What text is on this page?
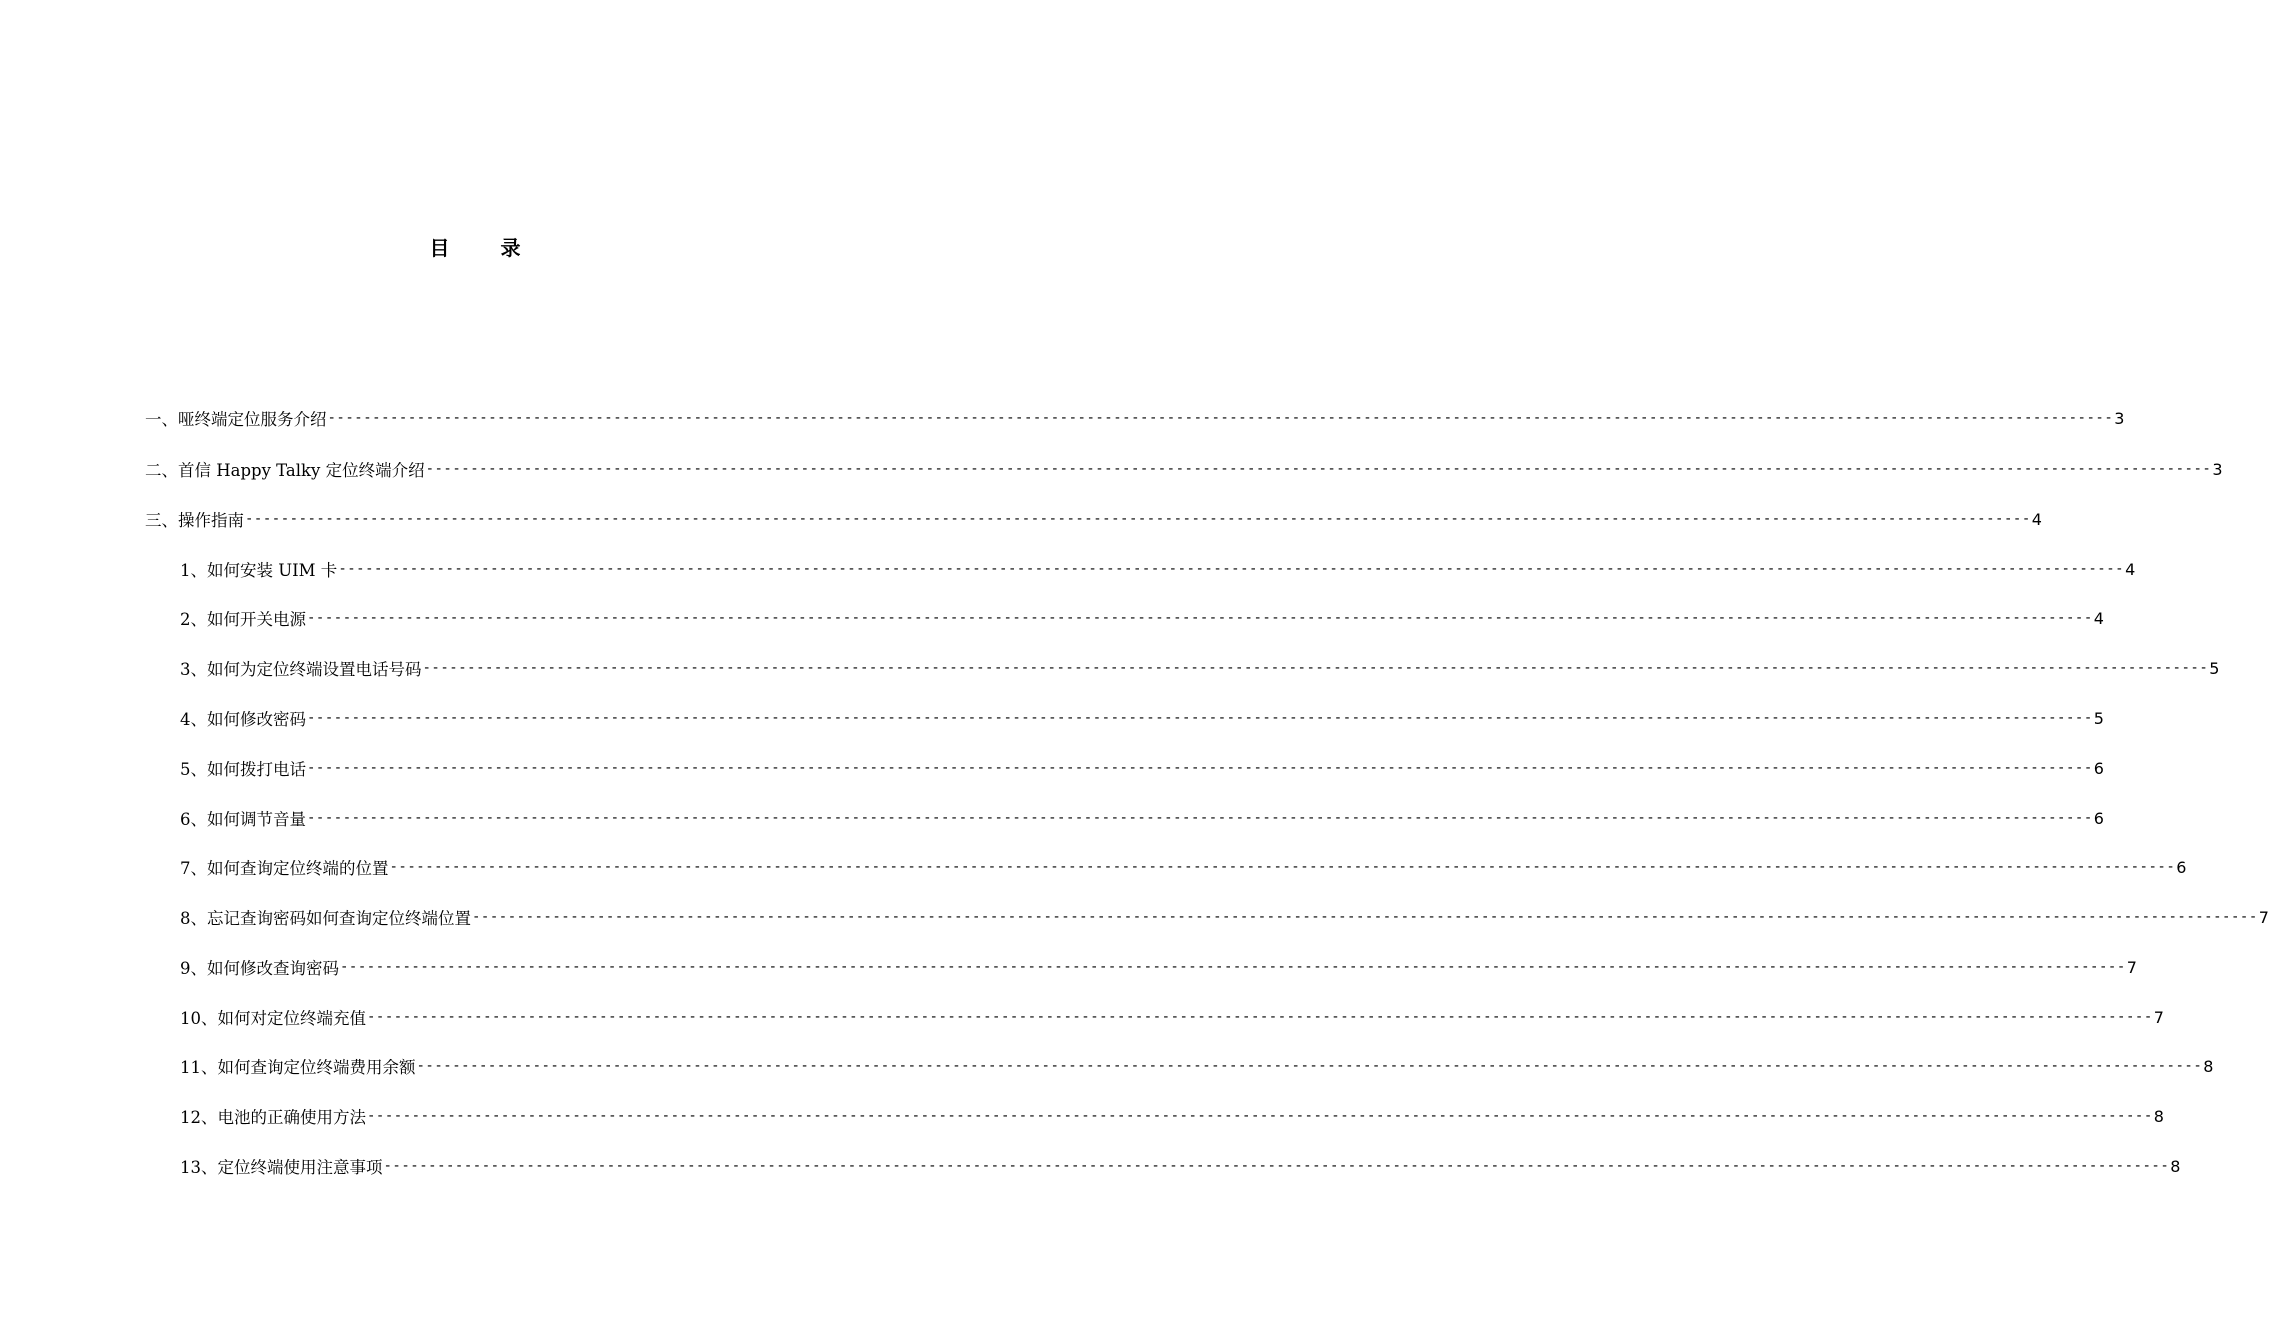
目 录
一、哑终端定位服务介绍 -------------------------------------------------------------------------------------------------------------------------------------------------------------------------------------------------------- 3
二、首信 Happy Talky 定位终端介绍 -------------------------------------------------------------------------------------------------------------------------------------------------------------------------------------------------------- 3
三、操作指南 -------------------------------------------------------------------------------------------------------------------------------------------------------------------------------------------------------- 4
1、如何安装 UIM 卡 -------------------------------------------------------------------------------------------------------------------------------------------------------------------------------------------------------- 4
2、如何开关电源 -------------------------------------------------------------------------------------------------------------------------------------------------------------------------------------------------------- 4
3、如何为定位终端设置电话号码 -------------------------------------------------------------------------------------------------------------------------------------------------------------------------------------------------------- 5
4、如何修改密码 -------------------------------------------------------------------------------------------------------------------------------------------------------------------------------------------------------- 5
5、如何拨打电话 -------------------------------------------------------------------------------------------------------------------------------------------------------------------------------------------------------- 6
6、如何调节音量 -------------------------------------------------------------------------------------------------------------------------------------------------------------------------------------------------------- 6
7、如何查询定位终端的位置 -------------------------------------------------------------------------------------------------------------------------------------------------------------------------------------------------------- 6
8、忘记查询密码如何查询定位终端位置 -------------------------------------------------------------------------------------------------------------------------------------------------------------------------------------------------------- 7
9、如何修改查询密码 -------------------------------------------------------------------------------------------------------------------------------------------------------------------------------------------------------- 7
10、如何对定位终端充值 -------------------------------------------------------------------------------------------------------------------------------------------------------------------------------------------------------- 7
11、如何查询定位终端费用余额 -------------------------------------------------------------------------------------------------------------------------------------------------------------------------------------------------------- 8
12、电池的正确使用方法 -------------------------------------------------------------------------------------------------------------------------------------------------------------------------------------------------------- 8
13、定位终端使用注意事项 -------------------------------------------------------------------------------------------------------------------------------------------------------------------------------------------------------- 8
